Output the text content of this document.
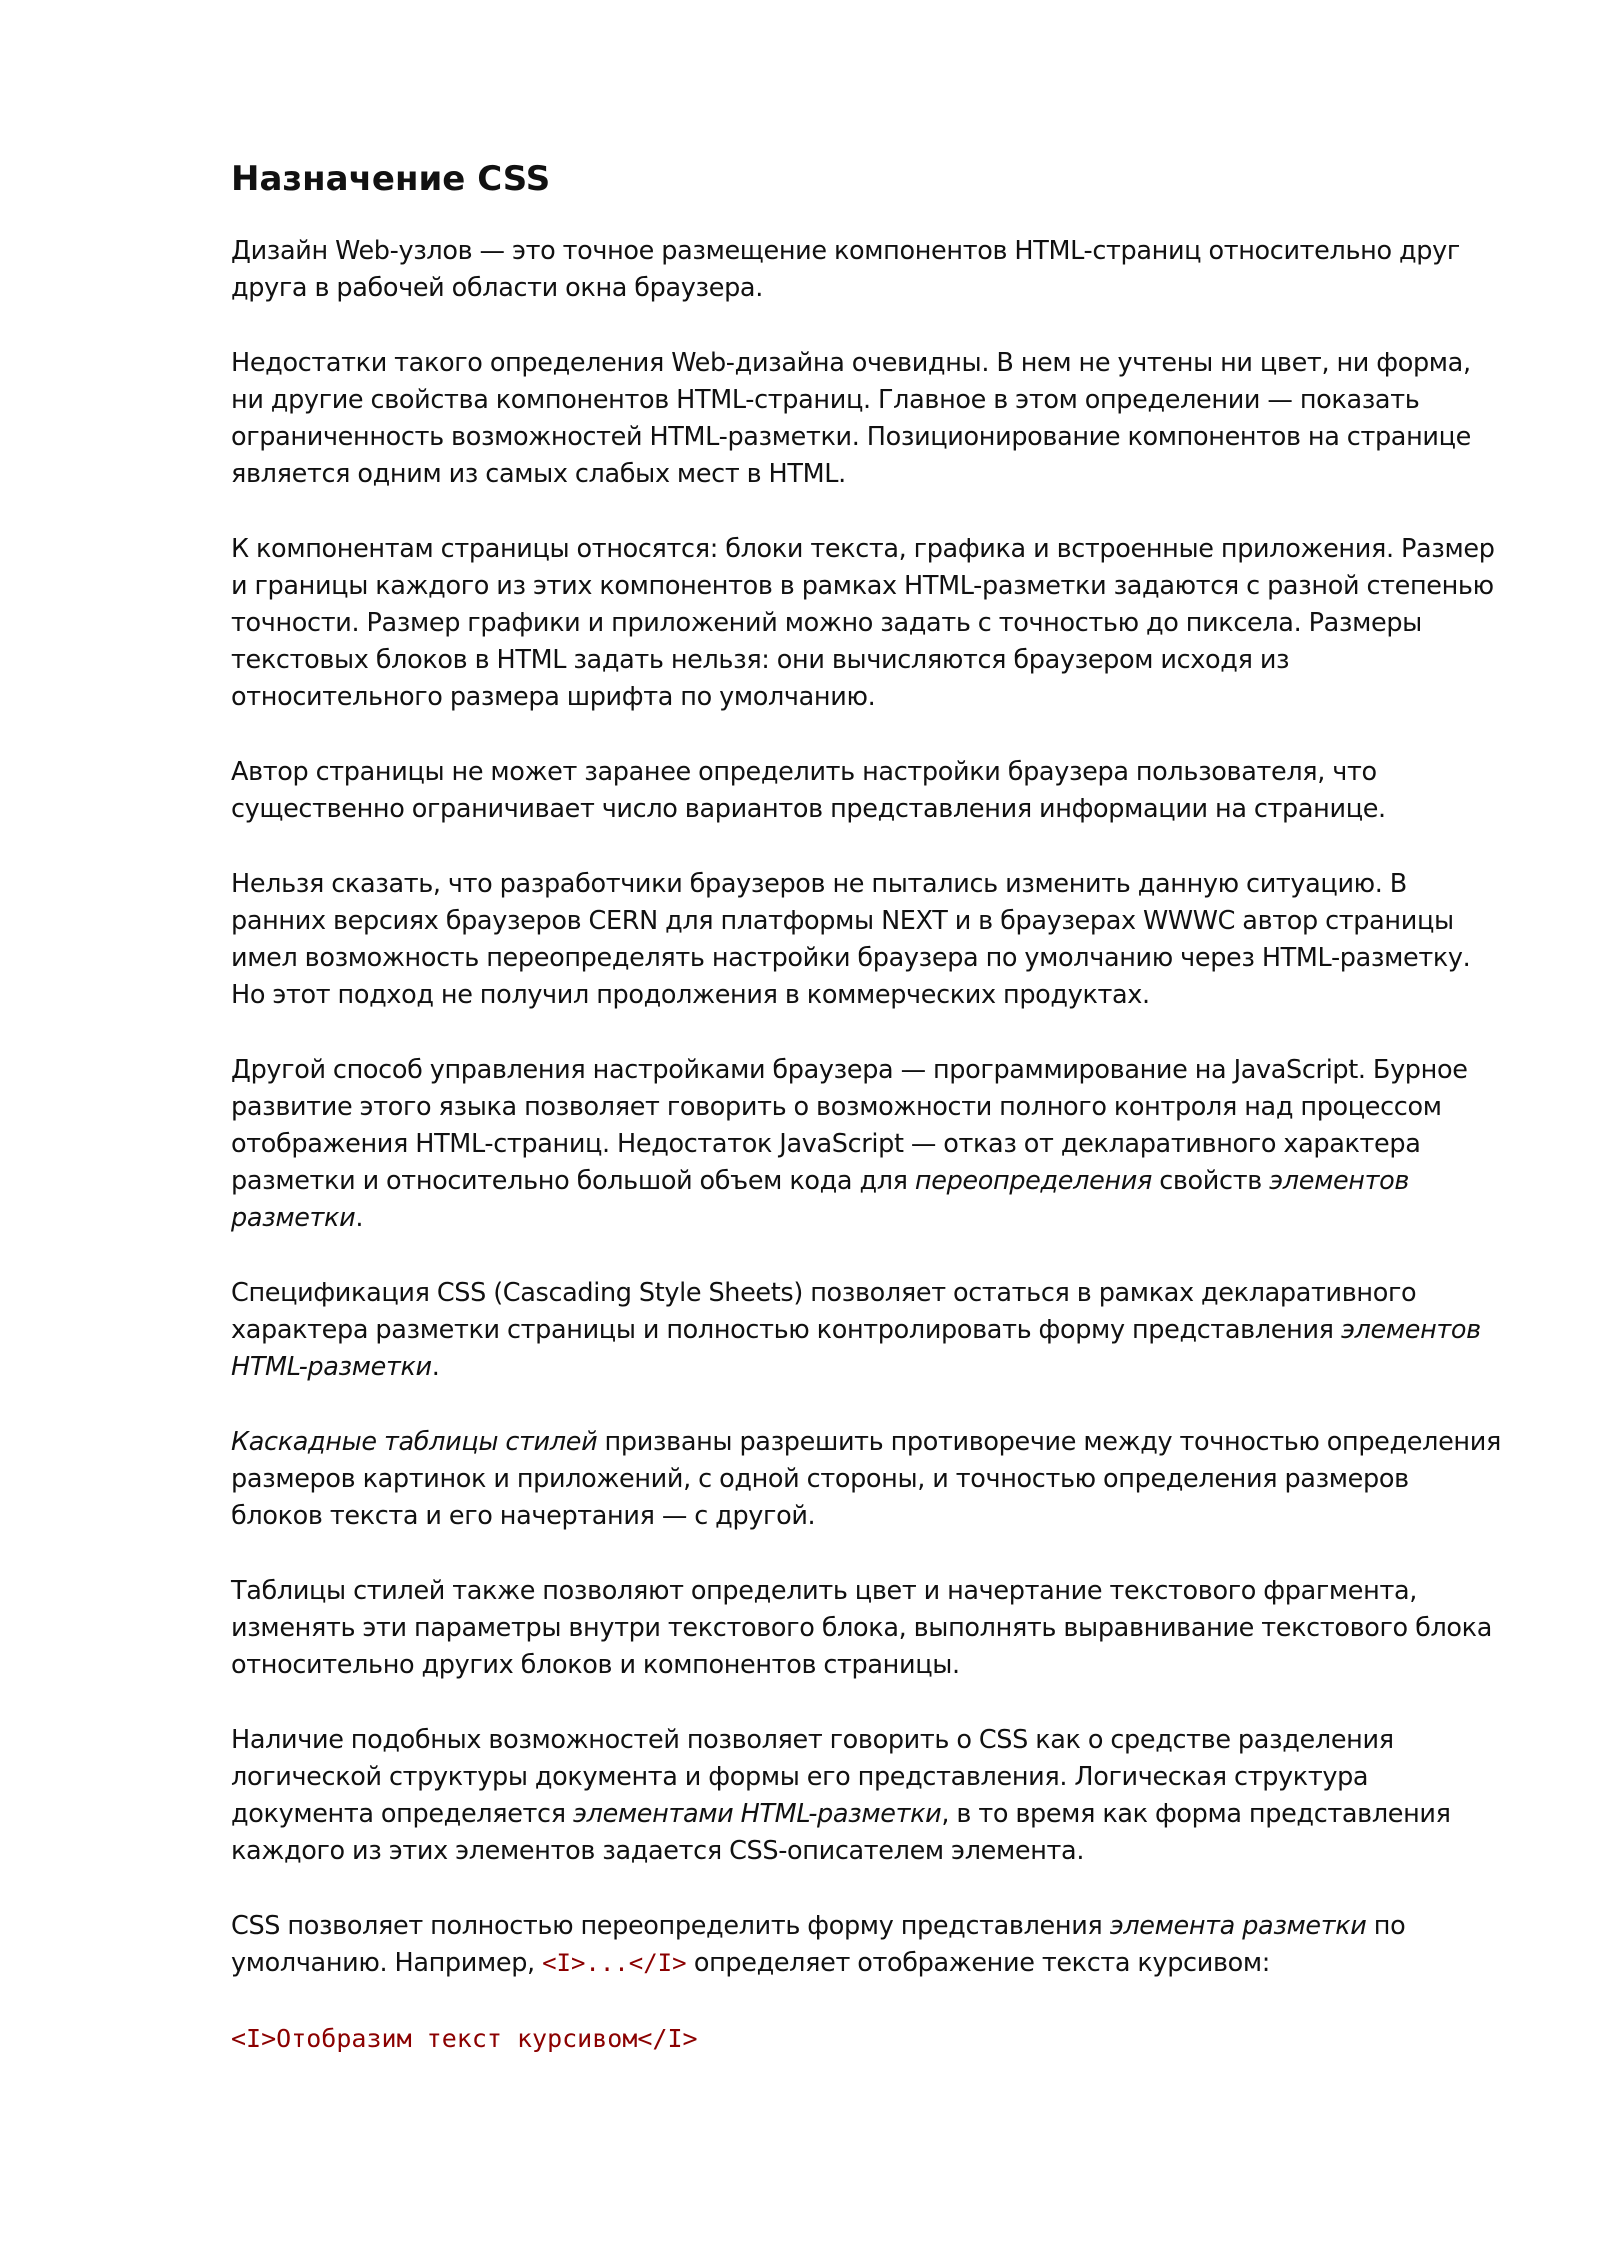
Назначение CSS

Дизайн Web-узлов — это точное размещение компонентов HTML-страниц относительно друг друга в рабочей области окна браузера.

Недостатки такого определения Web-дизайна очевидны. В нем не учтены ни цвет, ни форма, ни другие свойства компонентов HTML-страниц. Главное в этом определении — показать ограниченность возможностей HTML-разметки. Позиционирование компонентов на странице является одним из самых слабых мест в HTML.

К компонентам страницы относятся: блоки текста, графика и встроенные приложения. Размер и границы каждого из этих компонентов в рамках HTML-разметки задаются с разной степенью точности. Размер графики и приложений можно задать с точностью до пиксела. Размеры текстовых блоков в HTML задать нельзя: они вычисляются браузером исходя из относительного размера шрифта по умолчанию.

Автор страницы не может заранее определить настройки браузера пользователя, что существенно ограничивает число вариантов представления информации на странице.

Нельзя сказать, что разработчики браузеров не пытались изменить данную ситуацию. В ранних версиях браузеров CERN для платформы NEXT и в браузерах WWWC автор страницы имел возможность переопределять настройки браузера по умолчанию через HTML-разметку. Но этот подход не получил продолжения в коммерческих продуктах.

Другой способ управления настройками браузера — программирование на JavaScript. Бурное развитие этого языка позволяет говорить о возможности полного контроля над процессом отображения HTML-страниц. Недостаток JavaScript — отказ от декларативного характера разметки и относительно большой объем кода для переопределения свойств элементов разметки.

Спецификация CSS (Cascading Style Sheets) позволяет остаться в рамках декларативного характера разметки страницы и полностью контролировать форму представления элементов HTML-разметки.

Каскадные таблицы стилей призваны разрешить противоречие между точностью определения размеров картинок и приложений, с одной стороны, и точностью определения размеров блоков текста и его начертания — с другой.

Таблицы стилей также позволяют определить цвет и начертание текстового фрагмента, изменять эти параметры внутри текстового блока, выполнять выравнивание текстового блока относительно других блоков и компонентов страницы.

Наличие подобных возможностей позволяет говорить о CSS как о средстве разделения логической структуры документа и формы его представления. Логическая структура документа определяется элементами HTML-разметки, в то время как форма представления каждого из этих элементов задается CSS-описателем элемента.

CSS позволяет полностью переопределить форму представления элемента разметки по умолчанию. Например, <I>...</I> определяет отображение текста курсивом:

<I>Отобразим текст курсивом</I>
